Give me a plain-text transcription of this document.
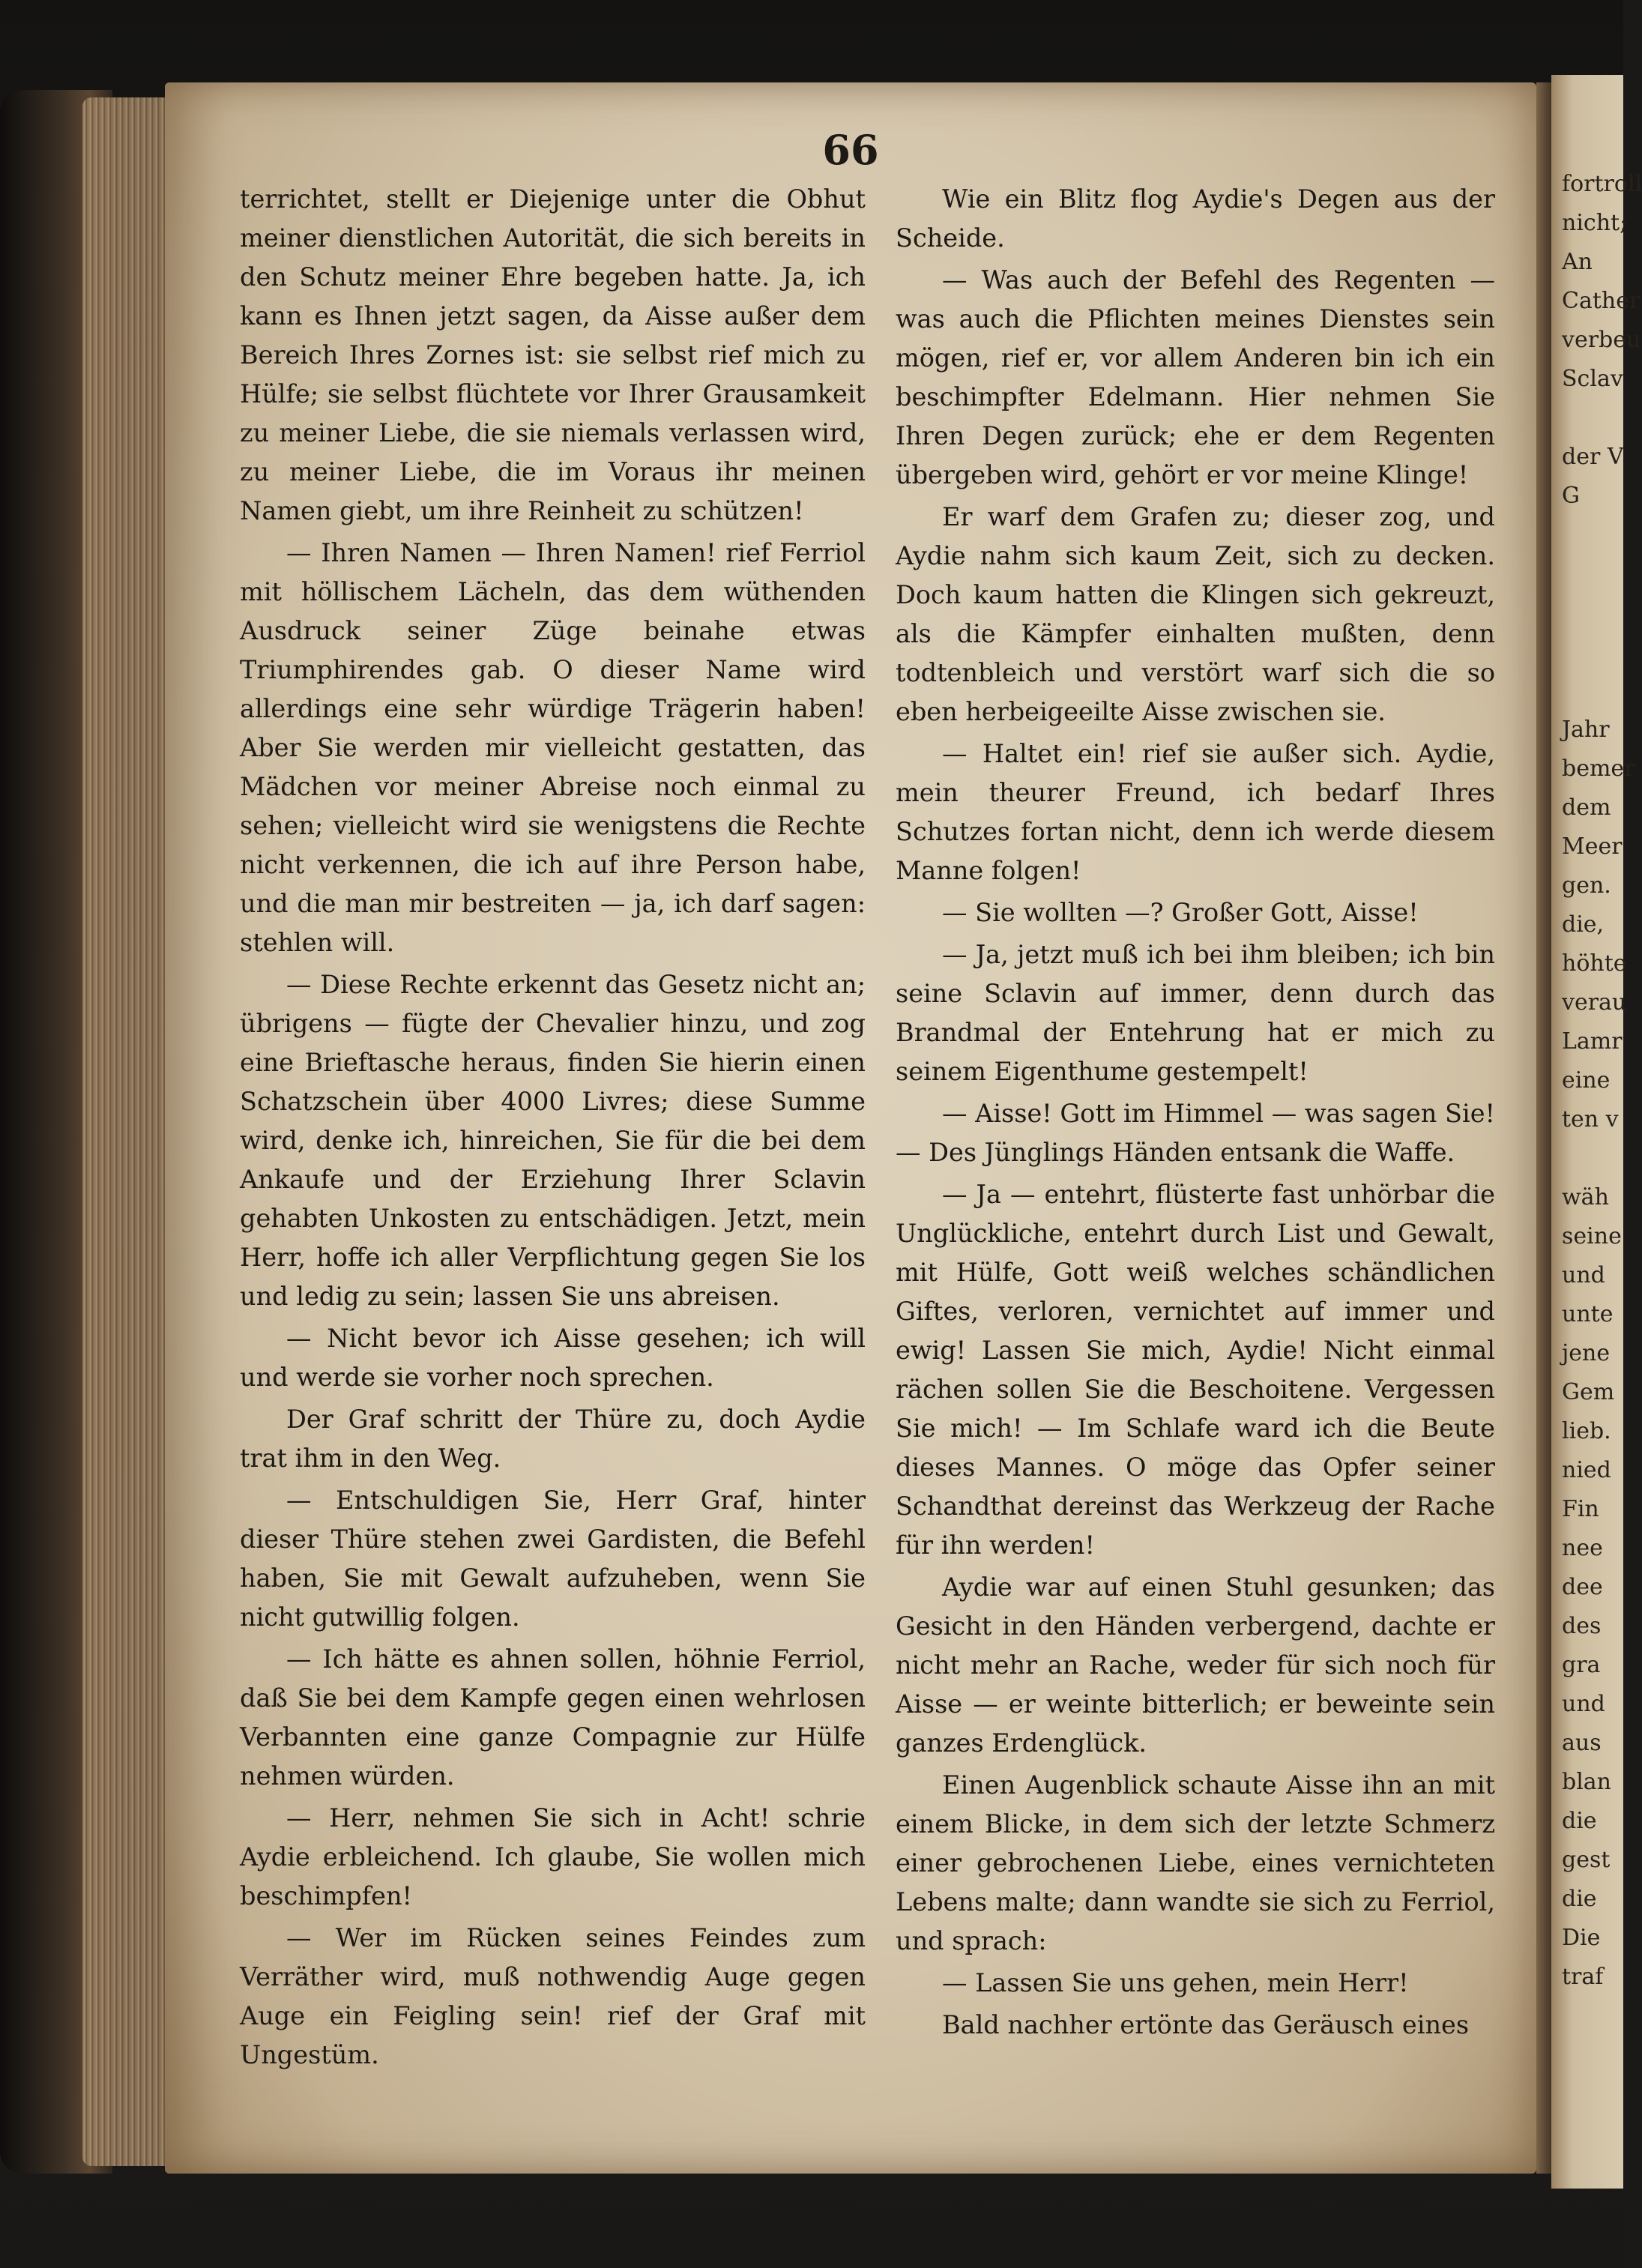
66

terrichtet, stellt er Diejenige unter die Obhut meiner dienstlichen Autorität, die sich bereits in den Schutz meiner Ehre begeben hatte. Ja, ich kann es Ihnen jetzt sagen, da Aisse außer dem Bereich Ihres Zornes ist: sie selbst rief mich zu Hülfe; sie selbst flüchtete vor Ihrer Grausamkeit zu meiner Liebe, die sie niemals verlassen wird, zu meiner Liebe, die im Voraus ihr meinen Namen giebt, um ihre Reinheit zu schützen!

— Ihren Namen — Ihren Namen! rief Ferriol mit höllischem Lächeln, das dem wüthenden Ausdruck seiner Züge beinahe etwas Triumphirendes gab. O dieser Name wird allerdings eine sehr würdige Trägerin haben! Aber Sie werden mir vielleicht gestatten, das Mädchen vor meiner Abreise noch einmal zu sehen; vielleicht wird sie wenigstens die Rechte nicht verkennen, die ich auf ihre Person habe, und die man mir bestreiten — ja, ich darf sagen: stehlen will.

— Diese Rechte erkennt das Gesetz nicht an; übrigens — fügte der Chevalier hinzu, und zog eine Brieftasche heraus, finden Sie hierin einen Schatzschein über 4000 Livres; diese Summe wird, denke ich, hinreichen, Sie für die bei dem Ankaufe und der Erziehung Ihrer Sclavin gehabten Unkosten zu entschädigen. Jetzt, mein Herr, hoffe ich aller Verpflichtung gegen Sie los und ledig zu sein; lassen Sie uns abreisen.

— Nicht bevor ich Aisse gesehen; ich will und werde sie vorher noch sprechen.

Der Graf schritt der Thüre zu, doch Aydie trat ihm in den Weg.

— Entschuldigen Sie, Herr Graf, hinter dieser Thüre stehen zwei Gardisten, die Befehl haben, Sie mit Gewalt aufzuheben, wenn Sie nicht gutwillig folgen.

— Ich hätte es ahnen sollen, höhnie Ferriol, daß Sie bei dem Kampfe gegen einen wehrlosen Verbannten eine ganze Compagnie zur Hülfe nehmen würden.

— Herr, nehmen Sie sich in Acht! schrie Aydie erbleichend. Ich glaube, Sie wollen mich beschimpfen!

— Wer im Rücken seines Feindes zum Verräther wird, muß nothwendig Auge gegen Auge ein Feigling sein! rief der Graf mit Ungestüm.

Wie ein Blitz flog Aydie's Degen aus der Scheide.

— Was auch der Befehl des Regenten — was auch die Pflichten meines Dienstes sein mögen, rief er, vor allem Anderen bin ich ein beschimpfter Edelmann. Hier nehmen Sie Ihren Degen zurück; ehe er dem Regenten übergeben wird, gehört er vor meine Klinge!

Er warf dem Grafen zu; dieser zog, und Aydie nahm sich kaum Zeit, sich zu decken. Doch kaum hatten die Klingen sich gekreuzt, als die Kämpfer einhalten mußten, denn todtenbleich und verstört warf sich die so eben herbeigeeilte Aisse zwischen sie.

— Haltet ein! rief sie außer sich. Aydie, mein theurer Freund, ich bedarf Ihres Schutzes fortan nicht, denn ich werde diesem Manne folgen!

— Sie wollten —? Großer Gott, Aisse!

— Ja, jetzt muß ich bei ihm bleiben; ich bin seine Sclavin auf immer, denn durch das Brandmal der Entehrung hat er mich zu seinem Eigenthume gestempelt!

— Aisse! Gott im Himmel — was sagen Sie! — Des Jünglings Händen entsank die Waffe.

— Ja — entehrt, flüsterte fast unhörbar die Unglückliche, entehrt durch List und Gewalt, mit Hülfe, Gott weiß welches schändlichen Giftes, verloren, vernichtet auf immer und ewig! Lassen Sie mich, Aydie! Nicht einmal rächen sollen Sie die Beschoitene. Vergessen Sie mich! — Im Schlafe ward ich die Beute dieses Mannes. O möge das Opfer seiner Schandthat dereinst das Werkzeug der Rache für ihn werden!

Aydie war auf einen Stuhl gesunken; das Gesicht in den Händen verbergend, dachte er nicht mehr an Rache, weder für sich noch für Aisse — er weinte bitterlich; er beweinte sein ganzes Erdenglück.

Einen Augenblick schaute Aisse ihn an mit einem Blicke, in dem sich der letzte Schmerz einer gebrochenen Liebe, eines vernichteten Lebens malte; dann wandte sie sich zu Ferriol, und sprach:

— Lassen Sie uns gehen, mein Herr!

Bald nachher ertönte das Geräusch eines

fortroll
nicht;
An
Cather
verbeu
Sclav

der V
G

Jahr
bemer
dem
Meer
gen.
die,
höhte
verau
Lamr
eine
ten v

wäh
seine
und
unte
jene
Gem
lieb.
nied
Fin
nee
dee
des
gra
und
aus
blan
die
gest
die
Die
traf
